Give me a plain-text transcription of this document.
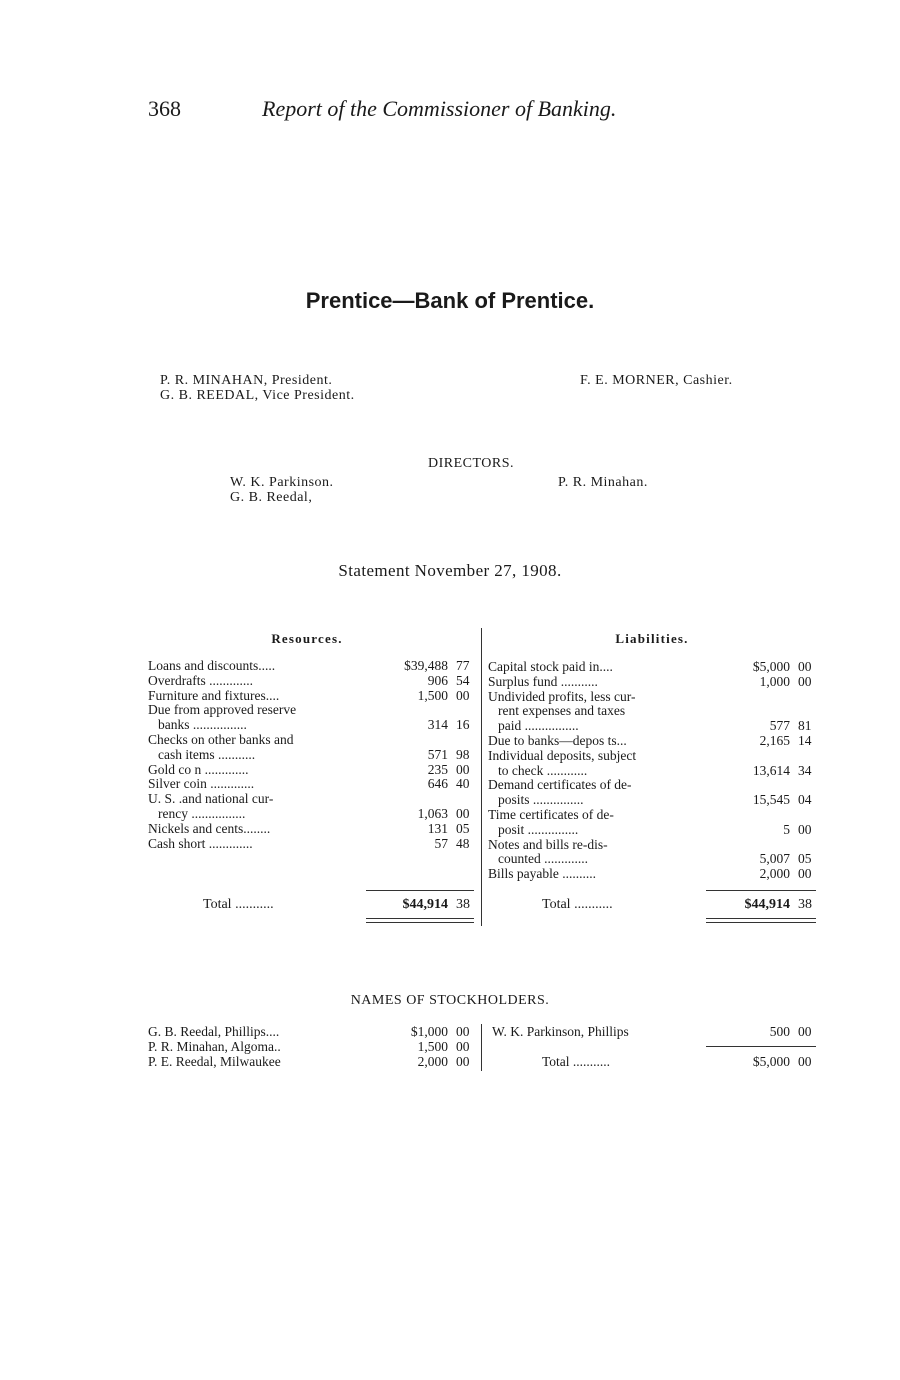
368	Report of the Commissioner of Banking.
Prentice—Bank of Prentice.
P. R. MINAHAN, President.
G. B. REEDAL, Vice President.
F. E. MORNER, Cashier.
DIRECTORS.
W. K. Parkinson.
G. B. Reedal,
P. R. Minahan.
Statement November 27, 1908.
Resources.	Liabilities.
Loans and discounts.....	$39,488 77
Overdrafts .............	906 54
Furniture and fixtures....	1,500 00
Due from approved reserve
banks ................	314 16
Checks on other banks and
cash items ...........	571 98
Gold co n .............	235 00
Silver coin .............	646 40
U. S. .and national cur-
rency ................	1,063 00
Nickels and cents........	131 05
Cash short .............	57 48
Capital stock paid in....	$5,000 00
Surplus fund ...........	1,000 00
Undivided profits, less cur-
rent expenses and taxes
paid ................	577 81
Due to banks—depos ts...	2,165 14
Individual deposits, subject
to check ............	13,614 34
Demand certificates of de-
posits ...............	15,545 04
Time certificates of de-
posit ...............	5 00
Notes and bills re-dis-
counted .............	5,007 05
Bills payable ..........	2,000 00
Total ...........	$44,914 38	Total ...........	$44,914 38
NAMES OF STOCKHOLDERS.
G. B. Reedal, Phillips....	$1,000 00
P. R. Minahan, Algoma..	1,500 00
P. E. Reedal, Milwaukee	2,000 00
W. K. Parkinson, Phillips	500 00
Total ...........	$5,000 00
